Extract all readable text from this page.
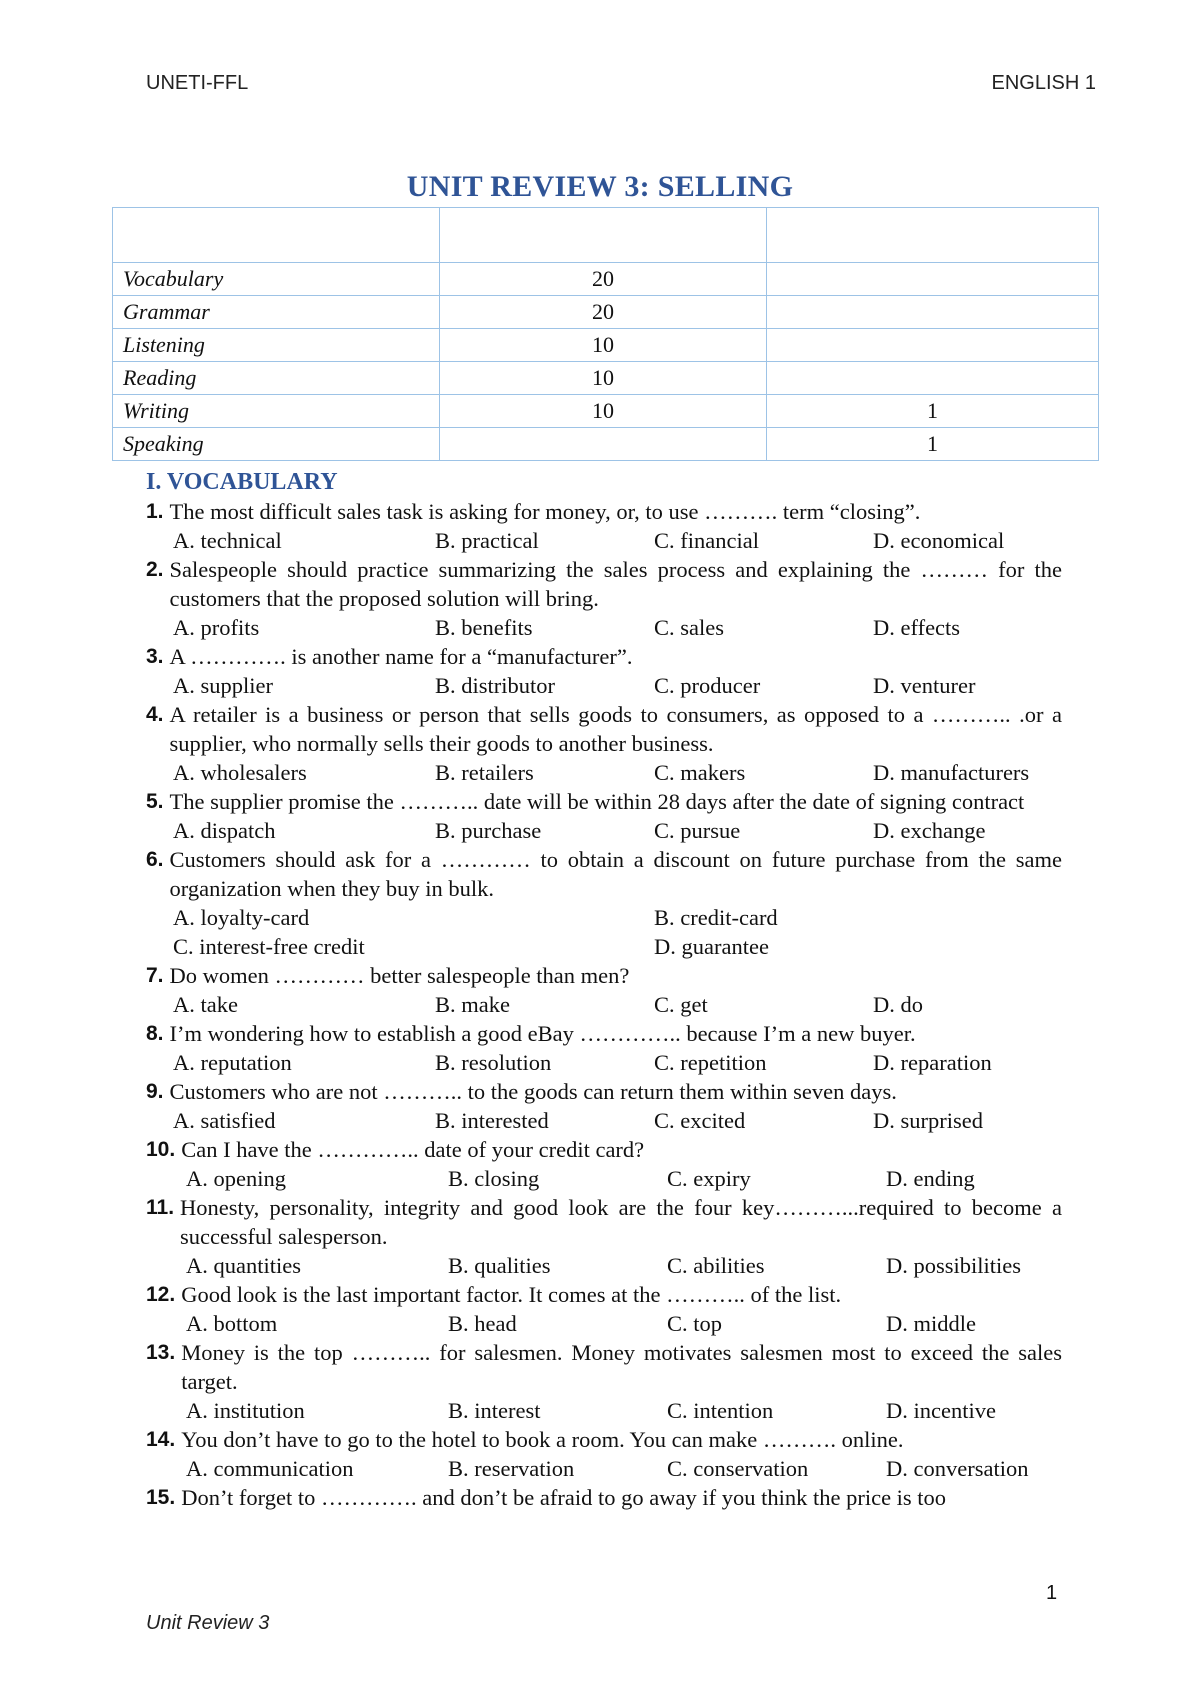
UNETI-FFL	ENGLISH 1
UNIT REVIEW 3: SELLING

Vocabulary	20	
Grammar	20	
Listening	10	
Reading	10	
Writing	10	1
Speaking		1
I. VOCABULARY
1. The most difficult sales task is asking for money, or, to use ………. term “closing”.
A. technical	B. practical	C. financial	D. economical
2. Salespeople should practice summarizing the sales process and explaining the ……… for the customers that the proposed solution will bring.
A. profits	B. benefits	C. sales	D. effects
3. A …………. is another name for a “manufacturer”.
A. supplier	B. distributor	C. producer	D. venturer
4. A retailer is a business or person that sells goods to consumers, as opposed to a ……….. .or a supplier, who normally sells their goods to another business.
A. wholesalers	B. retailers	C. makers	D. manufacturers
5. The supplier promise the ……….. date will be within 28 days after the date of signing contract
A. dispatch	B. purchase	C. pursue	D. exchange
6. Customers should ask for a ………… to obtain a discount on future purchase from the same organization when they buy in bulk.
A. loyalty-card	B. credit-card
C. interest-free credit	D. guarantee
7. Do women ………… better salespeople than men?
A. take	B. make	C. get	D. do
8. I’m wondering how to establish a good eBay ………….. because I’m a new buyer.
A. reputation	B. resolution	C. repetition	D. reparation
9. Customers who are not ……….. to the goods can return them within seven days.
A. satisfied	B. interested	C. excited	D. surprised
10. Can I have the ………….. date of your credit card?
A. opening	B. closing	C. expiry	D. ending
11. Honesty, personality, integrity and good look are the four key………...required to become a successful salesperson.
A. quantities	B. qualities	C. abilities	D. possibilities
12. Good look is the last important factor. It comes at the ……….. of the list.
A. bottom	B. head	C. top	D. middle
13. Money is the top ……….. for salesmen. Money motivates salesmen most to exceed the sales target.
A. institution	B. interest	C. intention	D. incentive
14. You don’t have to go to the hotel to book a room. You can make ………. online.
A. communication	B. reservation	C. conservation	D. conversation
15. Don’t forget to …………. and don’t be afraid to go away if you think the price is too
1
Unit Review 3
